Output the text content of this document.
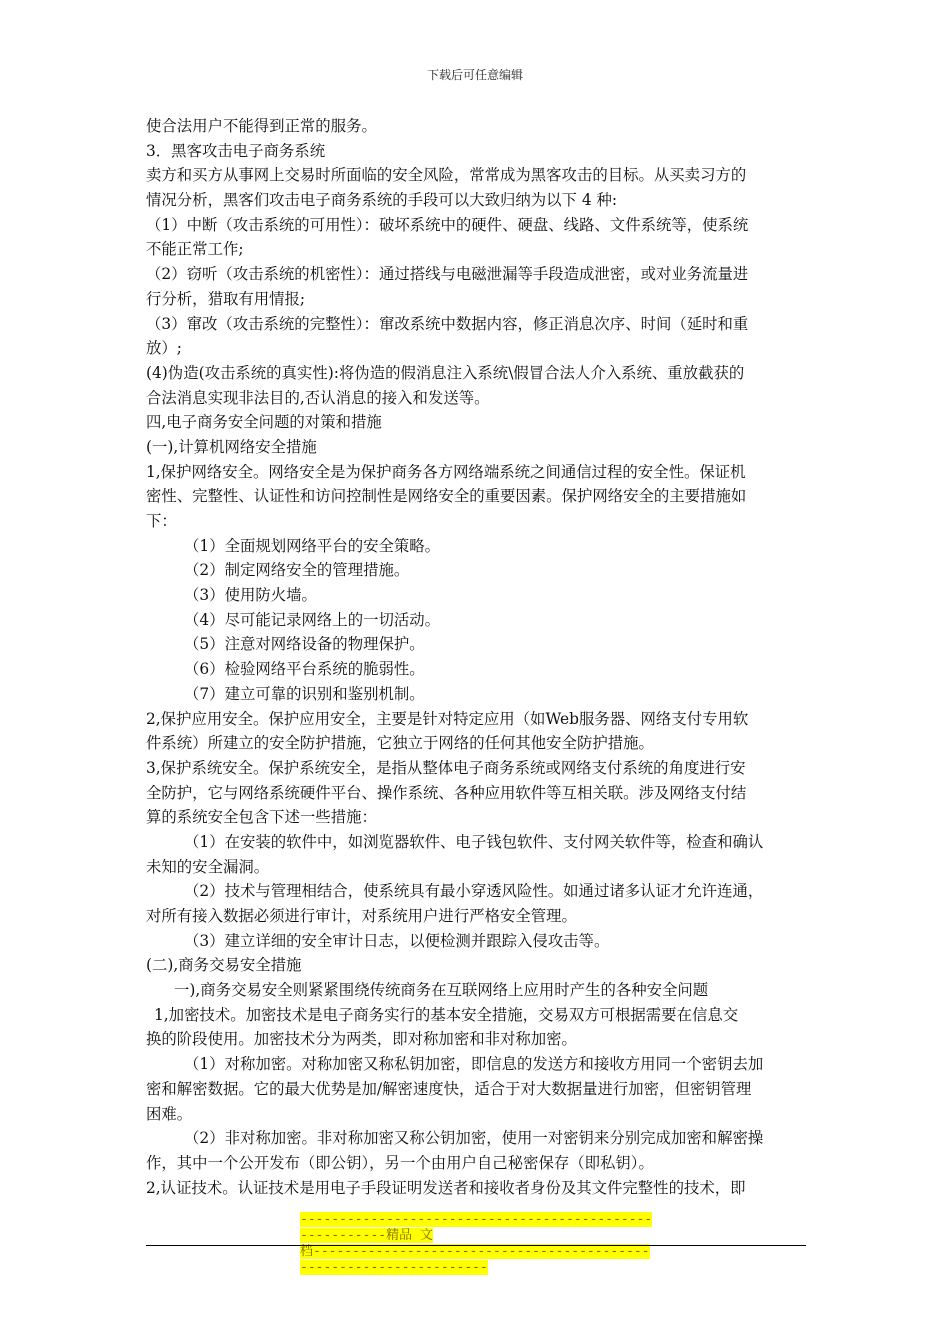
下载后可任意编辑
使合法用户不能得到正常的服务。
3．黑客攻击电子商务系统
卖方和买方从事网上交易时所面临的安全风险，常常成为黑客攻击的目标。从买卖习方的
情况分析，黑客们攻击电子商务系统的手段可以大致归纳为以下 4 种:
（1）中断（攻击系统的可用性）：破坏系统中的硬件、硬盘、线路、文件系统等，使系统
不能正常工作;
（2）窃听（攻击系统的机密性）：通过搭线与电磁泄漏等手段造成泄密，或对业务流量进
行分析，猎取有用情报;
（3）窜改（攻击系统的完整性）：窜改系统中数据内容，修正消息次序、时间（延时和重
放）;
(4)伪造(攻击系统的真实性):将伪造的假消息注入系统\假冒合法人介入系统、重放截获的
合法消息实现非法目的,否认消息的接入和发送等。
四,电子商务安全问题的对策和措施
(一),计算机网络安全措施
1,保护网络安全。网络安全是为保护商务各方网络端系统之间通信过程的安全性。保证机
密性、完整性、认证性和访问控制性是网络安全的重要因素。保护网络安全的主要措施如
下：
（1）全面规划网络平台的安全策略。
（2）制定网络安全的管理措施。
（3）使用防火墙。
（4）尽可能记录网络上的一切活动。
（5）注意对网络设备的物理保护。
（6）检验网络平台系统的脆弱性。
（7）建立可靠的识别和鉴别机制。
2,保护应用安全。保护应用安全，主要是针对特定应用（如Web服务器、网络支付专用软
件系统）所建立的安全防护措施，它独立于网络的任何其他安全防护措施。
3,保护系统安全。保护系统安全，是指从整体电子商务系统或网络支付系统的角度进行安
全防护，它与网络系统硬件平台、操作系统、各种应用软件等互相关联。涉及网络支付结
算的系统安全包含下述一些措施：
（1）在安装的软件中，如浏览器软件、电子钱包软件、支付网关软件等，检查和确认
未知的安全漏洞。
（2）技术与管理相结合，使系统具有最小穿透风险性。如通过诸多认证才允许连通，
对所有接入数据必须进行审计，对系统用户进行严格安全管理。
（3）建立详细的安全审计日志，以便检测并跟踪入侵攻击等。
(二),商务交易安全措施
一),商务交易安全则紧紧围绕传统商务在互联网络上应用时产生的各种安全问题
1,加密技术。加密技术是电子商务实行的基本安全措施，交易双方可根据需要在信息交
换的阶段使用。加密技术分为两类，即对称加密和非对称加密。
（1）对称加密。对称加密又称私钥加密，即信息的发送方和接收方用同一个密钥去加
密和解密数据。它的最大优势是加/解密速度快，适合于对大数据量进行加密，但密钥管理
困难。
（2）非对称加密。非对称加密又称公钥加密，使用一对密钥来分别完成加密和解密操
作，其中一个公开发布（即公钥），另一个由用户自己秘密保存（即私钥）。
2,认证技术。认证技术是用电子手段证明发送者和接收者身份及其文件完整性的技术，即
--------------------------------------------------------精品 文
档-------------------------------------------------------------------
